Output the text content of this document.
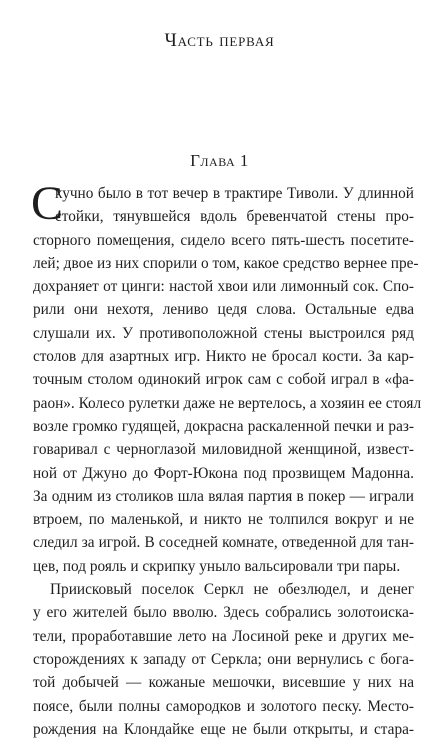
Часть первая
Глава 1
С
кучно было в тот вечер в трактире Тиволи. У длинной
стойки, тянувшейся вдоль бревенчатой стены про-
сторного помещения, сидело всего пять-шесть посетите-
лей; двое из них спорили о том, какое средство вернее пре-
дохраняет от цинги: настой хвои или лимонный сок. Спо-
рили они нехотя, лениво цедя слова. Остальные едва
слушали их. У противоположной стены выстроился ряд
столов для азартных игр. Никто не бросал кости. За кар-
точным столом одинокий игрок сам с собой играл в «фа-
раон». Колесо рулетки даже не вертелось, а хозяин ее стоял
возле громко гудящей, докрасна раскаленной печки и раз-
говаривал с черноглазой миловидной женщиной, извест-
ной от Джуно до Форт-Юкона под прозвищем Мадонна.
За одним из столиков шла вялая партия в покер — играли
втроем, по маленькой, и никто не толпился вокруг и не
следил за игрой. В соседней комнате, отведенной для тан-
цев, под рояль и скрипку уныло вальсировали три пары.
Приисковый поселок Серкл не обезлюдел, и денег
у его жителей было вволю. Здесь собрались золотоиска-
тели, проработавшие лето на Лосиной реке и других ме-
сторождениях к западу от Серкла; они вернулись с бога-
той добычей — кожаные мешочки, висевшие у них на
поясе, были полны самородков и золотого песку. Место-
рождения на Клондайке еще не были открыты, и стара-
